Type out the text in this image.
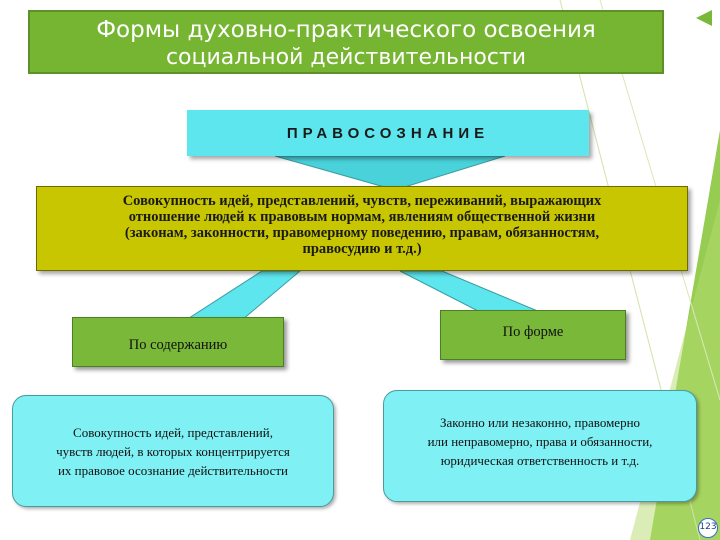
Формы духовно-практического освоения
социальной действительности
ПРАВОСОЗНАНИЕ
Совокупность идей, представлений, чувств, переживаний, выражающих
отношение людей к правовым нормам, явлениям общественной жизни
(законам, законности, правомерному поведению, правам, обязанностям,
правосудию и т.д.)
По содержанию
По форме
Совокупность идей, представлений,
чувств людей, в которых концентрируется
их правовое осознание действительности
Законно или незаконно, правомерно
или неправомерно, права и обязанности,
юридическая ответственность и т.д.
123
